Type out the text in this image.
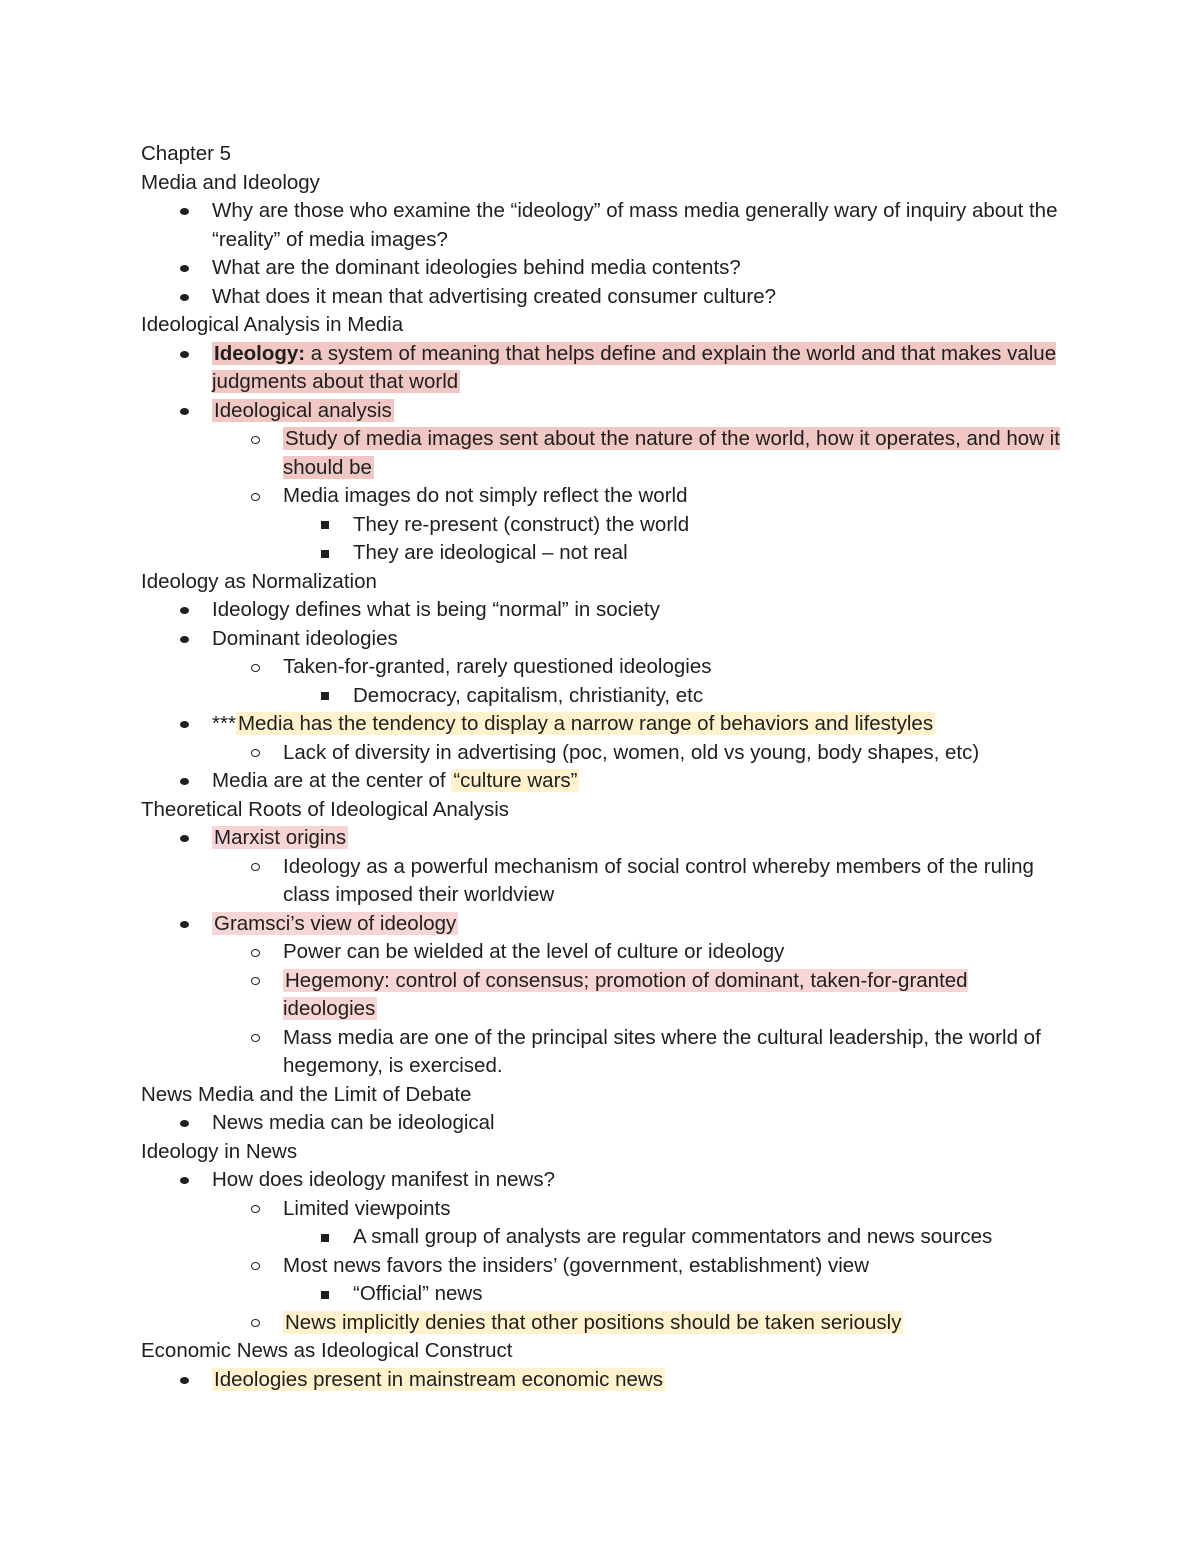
Chapter 5

Media and Ideology

Why are those who examine the “ideology” of mass media generally wary of inquiry about the “reality” of media images?
What are the dominant ideologies behind media contents?
What does it mean that advertising created consumer culture?

Ideological Analysis in Media

Ideology: a system of meaning that helps define and explain the world and that makes value judgments about that world
Ideological analysis
Study of media images sent about the nature of the world, how it operates, and how it should be
Media images do not simply reflect the world
They re-present (construct) the world
They are ideological – not real

Ideology as Normalization

Ideology defines what is being “normal” in society
Dominant ideologies
Taken-for-granted, rarely questioned ideologies
Democracy, capitalism, christianity, etc
***Media has the tendency to display a narrow range of behaviors and lifestyles
Lack of diversity in advertising (poc, women, old vs young, body shapes, etc)
Media are at the center of “culture wars”

Theoretical Roots of Ideological Analysis

Marxist origins
Ideology as a powerful mechanism of social control whereby members of the ruling class imposed their worldview
Gramsci’s view of ideology
Power can be wielded at the level of culture or ideology
Hegemony: control of consensus; promotion of dominant, taken-for-granted ideologies
Mass media are one of the principal sites where the cultural leadership, the world of hegemony, is exercised.

News Media and the Limit of Debate

News media can be ideological

Ideology in News

How does ideology manifest in news?
Limited viewpoints
A small group of analysts are regular commentators and news sources
Most news favors the insiders’ (government, establishment) view
“Official” news
News implicitly denies that other positions should be taken seriously

Economic News as Ideological Construct

Ideologies present in mainstream economic news
